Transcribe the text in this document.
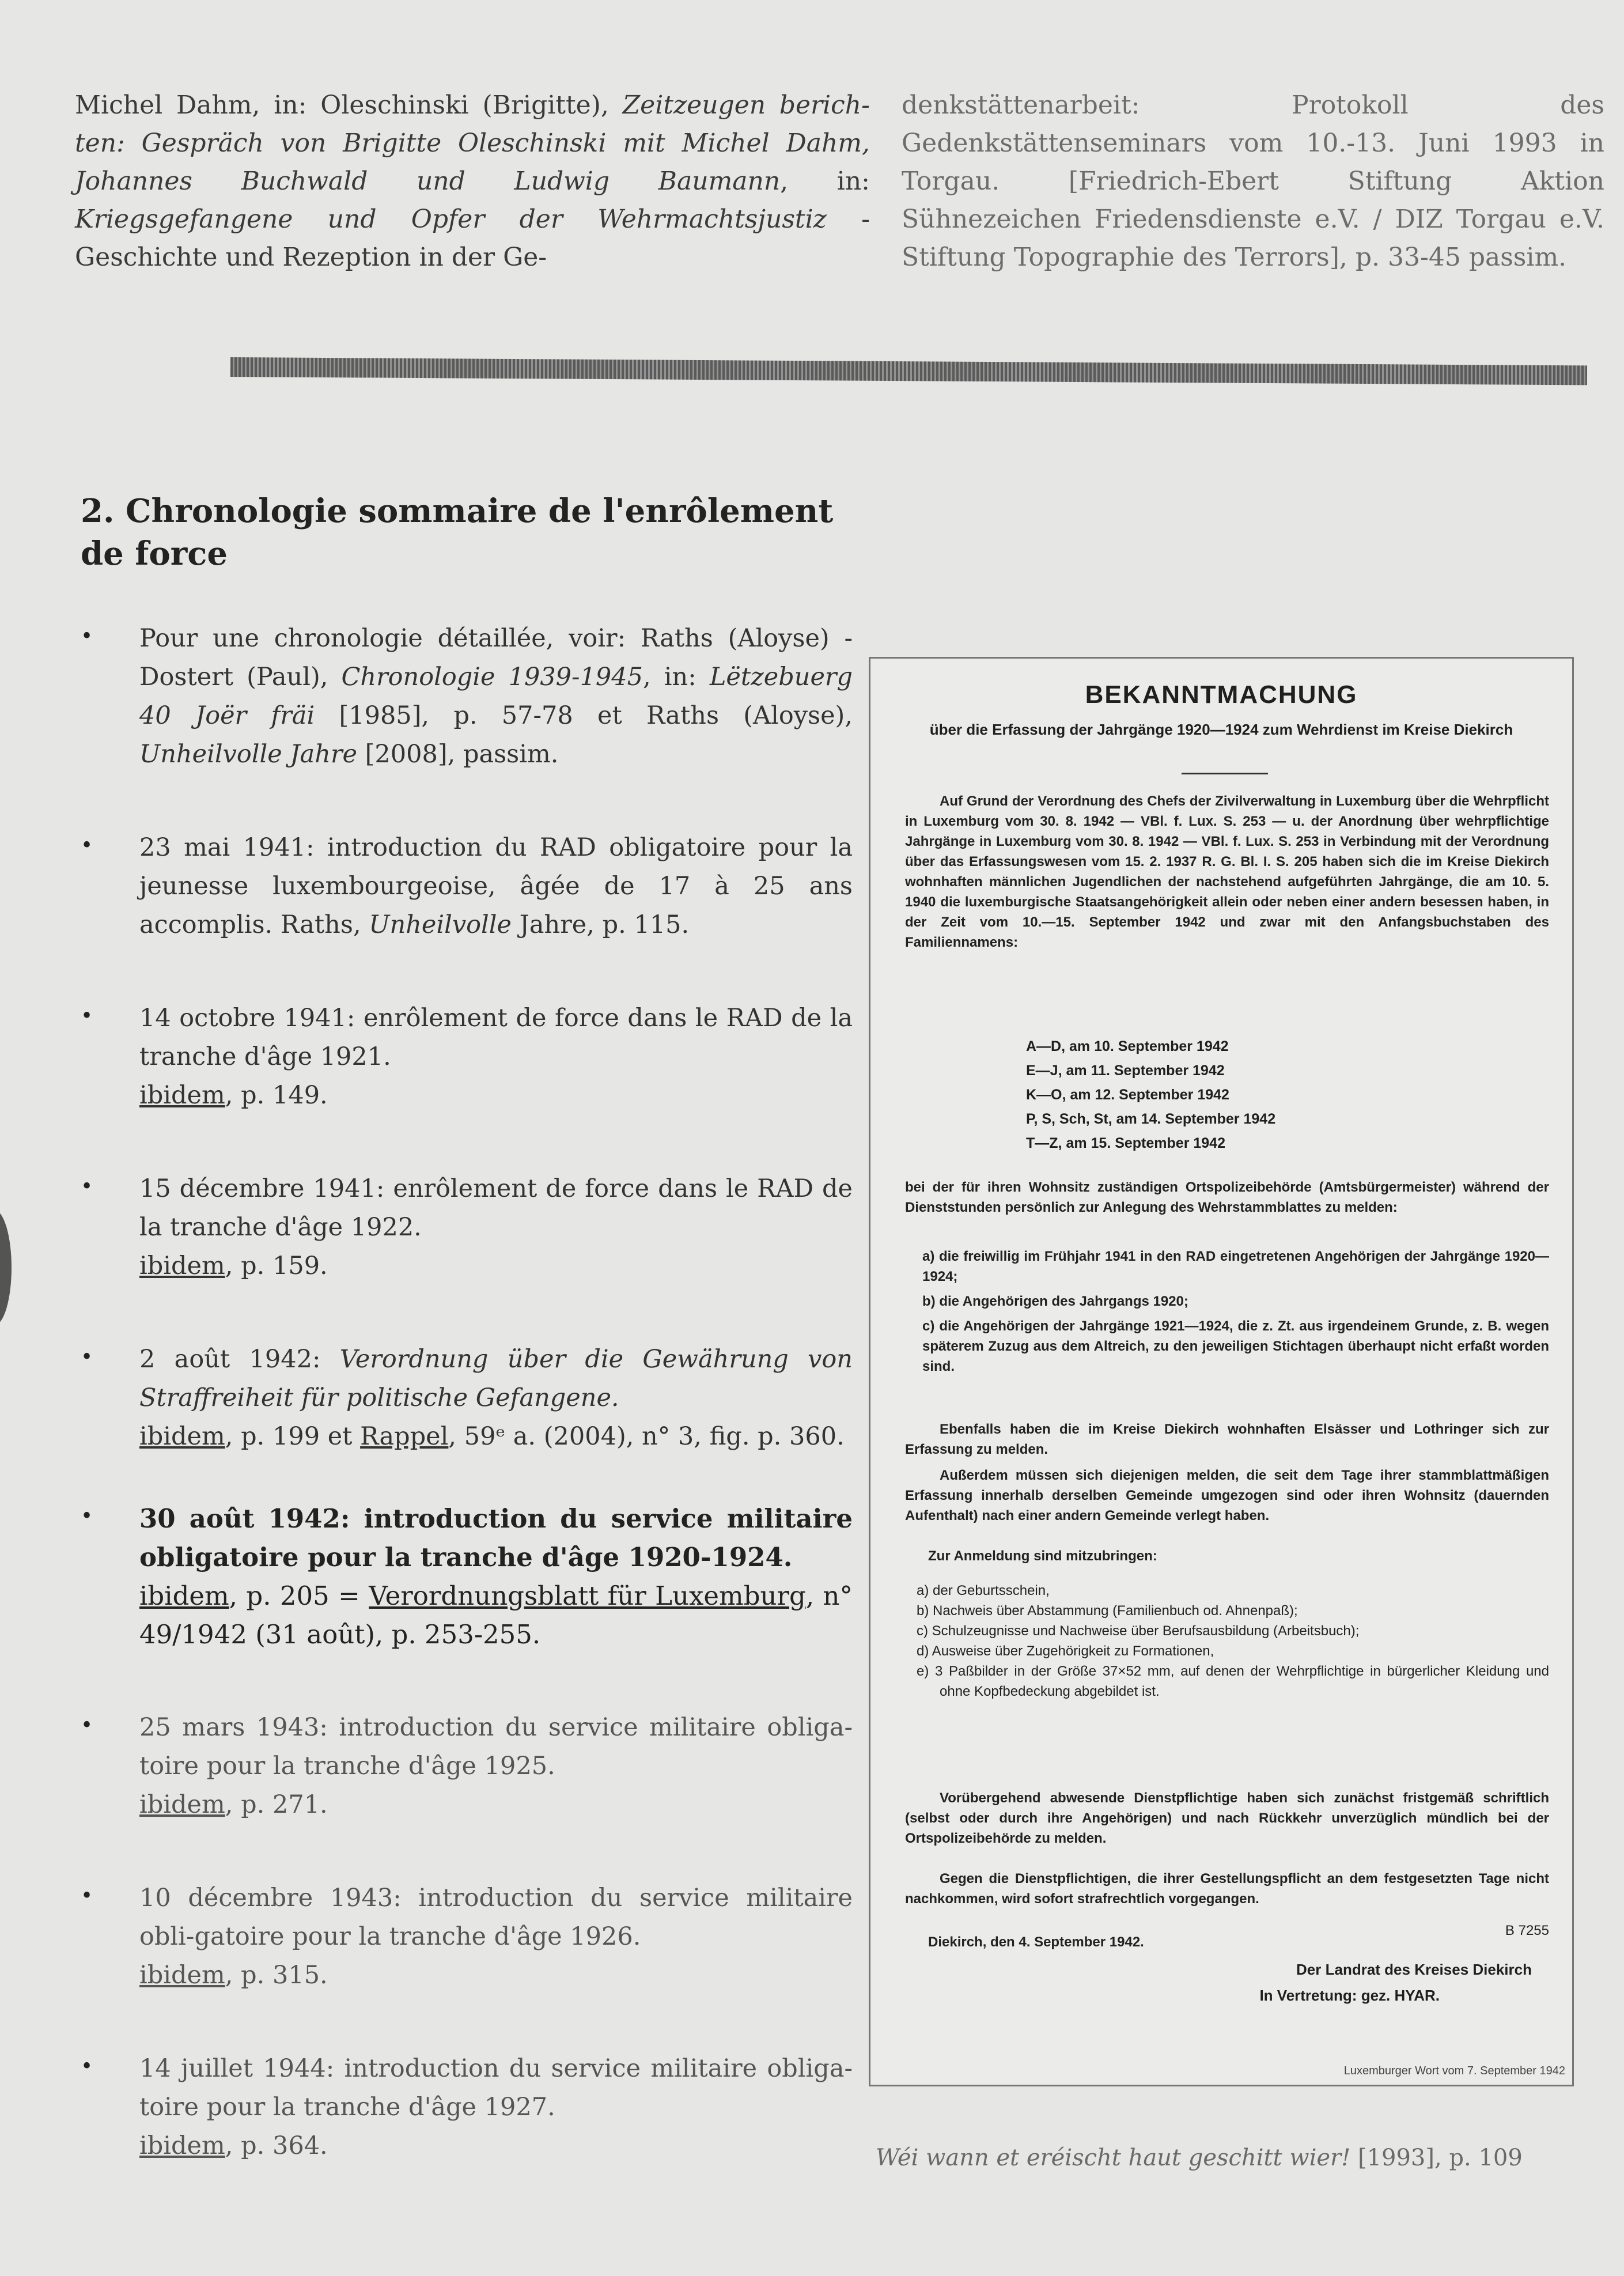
Michel Dahm, in: Oleschinski (Brigitte), Zeitzeugen berich-ten: Gespräch von Brigitte Oleschinski mit Michel Dahm, Johannes Buchwald und Ludwig Baumann, in: Kriegsgefangene und Opfer der Wehrmachtsjustiz - Geschichte und Rezeption in der Ge-
denkstättenarbeit: Protokoll des Gedenkstättenseminars vom 10.-13. Juni 1993 in Torgau. [Friedrich-Ebert Stiftung Aktion Sühnezeichen Friedensdienste e.V. / DIZ Torgau e.V. Stiftung Topographie des Terrors], p. 33-45 passim.
2. Chronologie sommaire de l'enrôlement de force
• Pour une chronologie détaillée, voir: Raths (Aloyse) - Dostert (Paul), Chronologie 1939-1945, in: Lëtzebuerg 40 Joër fräi [1985], p. 57-78 et Raths (Aloyse), Unheilvolle Jahre [2008], passim.
• 23 mai 1941: introduction du RAD obligatoire pour la jeunesse luxembourgeoise, âgée de 17 à 25 ans accomplis. Raths, Unheilvolle Jahre, p. 115.
• 14 octobre 1941: enrôlement de force dans le RAD de la tranche d'âge 1921.
ibidem, p. 149.
• 15 décembre 1941: enrôlement de force dans le RAD de la tranche d'âge 1922.
ibidem, p. 159.
• 2 août 1942: Verordnung über die Gewährung von Straffreiheit für politische Gefangene.
ibidem, p. 199 et Rappel, 59ᵉ a. (2004), n° 3, fig. p. 360.
• 30 août 1942: introduction du service militaire obligatoire pour la tranche d'âge 1920-1924.
ibidem, p. 205 = Verordnungsblatt für Luxemburg, n° 49/1942 (31 août), p. 253-255.
• 25 mars 1943: introduction du service militaire obliga-toire pour la tranche d'âge 1925.
ibidem, p. 271.
• 10 décembre 1943: introduction du service militaire obli-gatoire pour la tranche d'âge 1926.
ibidem, p. 315.
• 14 juillet 1944: introduction du service militaire obliga-toire pour la tranche d'âge 1927.
ibidem, p. 364.
BEKANNTMACHUNG
über die Erfassung der Jahrgänge 1920—1924 zum Wehrdienst im Kreise Diekirch
Auf Grund der Verordnung des Chefs der Zivilverwaltung in Luxemburg über die Wehrpflicht in Luxemburg vom 30. 8. 1942 — VBl. f. Lux. S. 253 — u. der Anordnung über wehrpflichtige Jahrgänge in Luxemburg vom 30. 8. 1942 — VBl. f. Lux. S. 253 in Verbindung mit der Verordnung über das Erfassungswesen vom 15. 2. 1937 R. G. Bl. I. S. 205 haben sich die im Kreise Diekirch wohnhaften männlichen Jugendlichen der nachstehend aufgeführten Jahrgänge, die am 10. 5. 1940 die luxemburgische Staatsangehörigkeit allein oder neben einer andern besessen haben, in der Zeit vom 10.—15. September 1942 und zwar mit den Anfangsbuchstaben des Familiennamens:
A—D, am 10. September 1942
E—J, am 11. September 1942
K—O, am 12. September 1942
P, S, Sch, St, am 14. September 1942
T—Z, am 15. September 1942
bei der für ihren Wohnsitz zuständigen Ortspolizeibehörde (Amtsbürgermeister) während der Dienststunden persönlich zur Anlegung des Wehrstammblattes zu melden:
a) die freiwillig im Frühjahr 1941 in den RAD eingetretenen Angehörigen der Jahrgänge 1920—1924;
b) die Angehörigen des Jahrgangs 1920;
c) die Angehörigen der Jahrgänge 1921—1924, die z. Zt. aus irgendeinem Grunde, z. B. wegen späterem Zuzug aus dem Altreich, zu den jeweiligen Stichtagen überhaupt nicht erfaßt worden sind.
Ebenfalls haben die im Kreise Diekirch wohnhaften Elsässer und Lothringer sich zur Erfassung zu melden.
Außerdem müssen sich diejenigen melden, die seit dem Tage ihrer stammblattmäßigen Erfassung innerhalb derselben Gemeinde umgezogen sind oder ihren Wohnsitz (dauernden Aufenthalt) nach einer andern Gemeinde verlegt haben.
Zur Anmeldung sind mitzubringen:
a) der Geburtsschein,
b) Nachweis über Abstammung (Familienbuch od. Ahnenpaß);
c) Schulzeugnisse und Nachweise über Berufsausbildung (Arbeitsbuch);
d) Ausweise über Zugehörigkeit zu Formationen,
e) 3 Paßbilder in der Größe 37×52 mm, auf denen der Wehrpflichtige in bürgerlicher Kleidung und ohne Kopfbedeckung abgebildet ist.
Vorübergehend abwesende Dienstpflichtige haben sich zunächst fristgemäß schriftlich (selbst oder durch ihre Angehörigen) und nach Rückkehr unverzüglich mündlich bei der Ortspolizeibehörde zu melden.
Gegen die Dienstpflichtigen, die ihrer Gestellungspflicht an dem festgesetzten Tage nicht nachkommen, wird sofort strafrechtlich vorgegangen.
Diekirch, den 4. September 1942.
B 7255
Der Landrat des Kreises Diekirch
In Vertretung: gez. HYAR.
Luxemburger Wort vom 7. September 1942
Wéi wann et eréischt haut geschitt wier! [1993], p. 109
